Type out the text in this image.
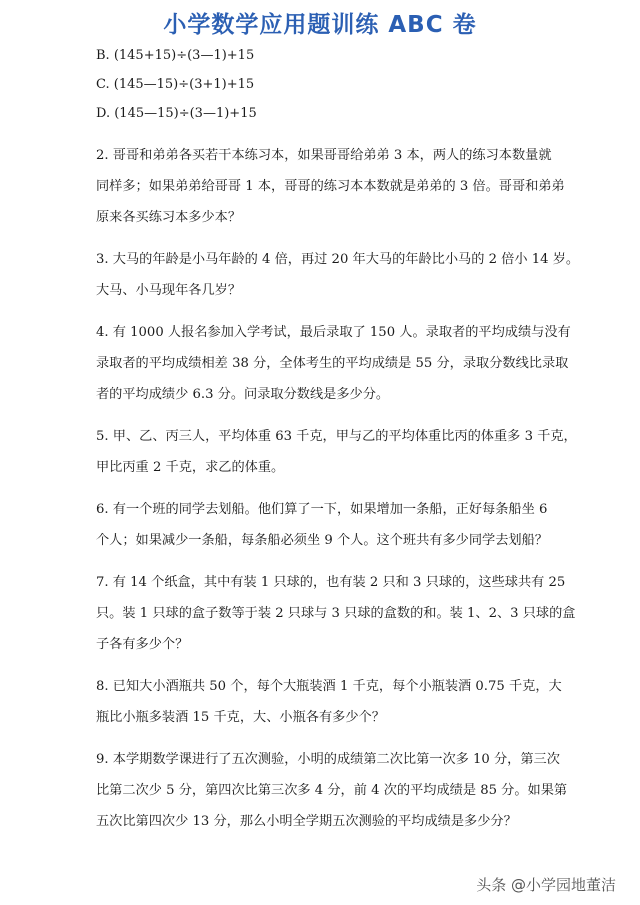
小学数学应用题训练 ABC 卷
B. (145+15)÷(3—1)+15
C. (145—15)÷(3+1)+15
D. (145—15)÷(3—1)+15
2. 哥哥和弟弟各买若干本练习本，如果哥哥给弟弟 3 本，两人的练习本数量就
同样多；如果弟弟给哥哥 1 本，哥哥的练习本本数就是弟弟的 3 倍。哥哥和弟弟
原来各买练习本多少本？
3. 大马的年龄是小马年龄的 4 倍，再过 20 年大马的年龄比小马的 2 倍小 14 岁。
大马、小马现年各几岁？
4. 有 1000 人报名参加入学考试，最后录取了 150 人。录取者的平均成绩与没有
录取者的平均成绩相差 38 分，全体考生的平均成绩是 55 分，录取分数线比录取
者的平均成绩少 6.3 分。问录取分数线是多少分。
5. 甲、乙、丙三人，平均体重 63 千克，甲与乙的平均体重比丙的体重多 3 千克，
甲比丙重 2 千克，求乙的体重。
6. 有一个班的同学去划船。他们算了一下，如果增加一条船，正好每条船坐 6
个人；如果减少一条船，每条船必须坐 9 个人。这个班共有多少同学去划船？
7. 有 14 个纸盒，其中有装 1 只球的，也有装 2 只和 3 只球的，这些球共有 25
只。装 1 只球的盒子数等于装 2 只球与 3 只球的盒数的和。装 1、2、3 只球的盒
子各有多少个？
8. 已知大小酒瓶共 50 个，每个大瓶装酒 1 千克，每个小瓶装酒 0.75 千克，大
瓶比小瓶多装酒 15 千克，大、小瓶各有多少个？
9. 本学期数学课进行了五次测验，小明的成绩第二次比第一次多 10 分，第三次
比第二次少 5 分，第四次比第三次多 4 分，前 4 次的平均成绩是 85 分。如果第
五次比第四次少 13 分，那么小明全学期五次测验的平均成绩是多少分？
头条 @小学园地董洁
